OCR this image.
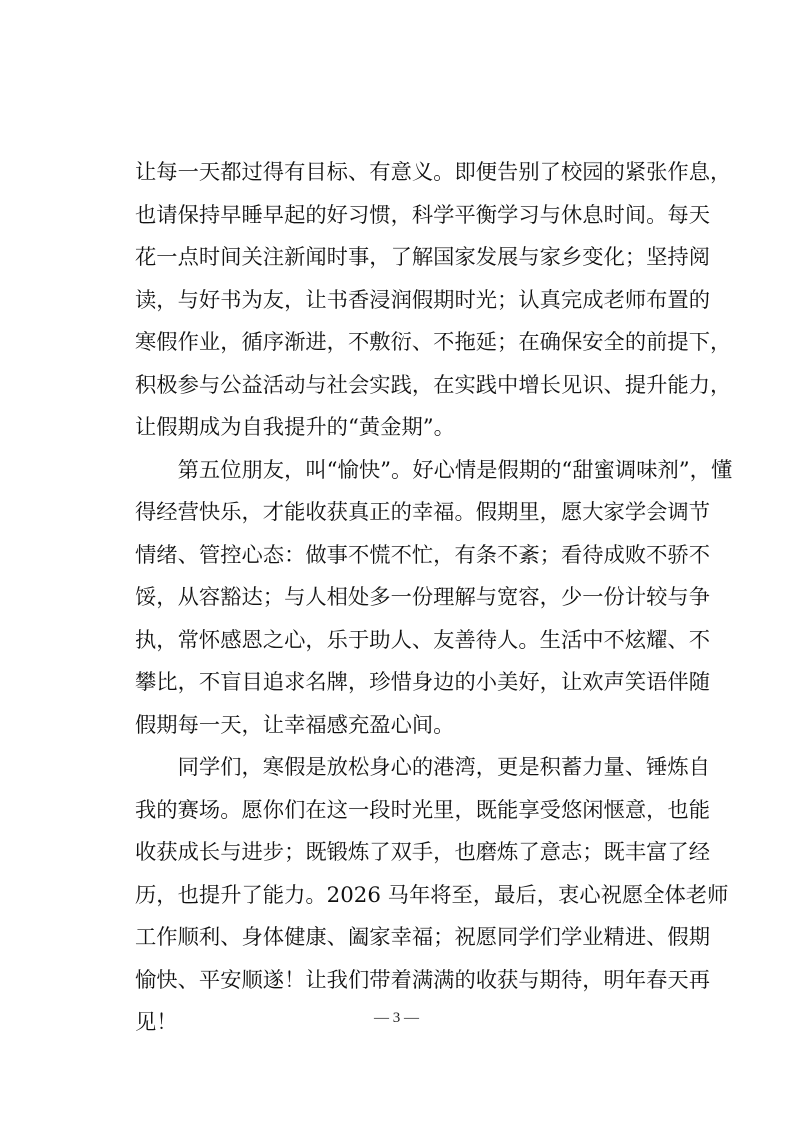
让每一天都过得有目标、有意义。即便告别了校园的紧张作息，
也请保持早睡早起的好习惯，科学平衡学习与休息时间。每天
花一点时间关注新闻时事，了解国家发展与家乡变化；坚持阅
读，与好书为友，让书香浸润假期时光；认真完成老师布置的
寒假作业，循序渐进，不敷衍、不拖延；在确保安全的前提下，
积极参与公益活动与社会实践，在实践中增长见识、提升能力，
让假期成为自我提升的“黄金期”。
　　第五位朋友，叫“愉快”。好心情是假期的“甜蜜调味剂”，懂
得经营快乐，才能收获真正的幸福。假期里，愿大家学会调节
情绪、管控心态：做事不慌不忙，有条不紊；看待成败不骄不
馁，从容豁达；与人相处多一份理解与宽容，少一份计较与争
执，常怀感恩之心，乐于助人、友善待人。生活中不炫耀、不
攀比，不盲目追求名牌，珍惜身边的小美好，让欢声笑语伴随
假期每一天，让幸福感充盈心间。
　　同学们，寒假是放松身心的港湾，更是积蓄力量、锤炼自
我的赛场。愿你们在这一段时光里，既能享受悠闲惬意，也能
收获成长与进步；既锻炼了双手，也磨炼了意志；既丰富了经
历，也提升了能力。2026 马年将至，最后，衷心祝愿全体老师
工作顺利、身体健康、阖家幸福；祝愿同学们学业精进、假期
愉快、平安顺遂！让我们带着满满的收获与期待，明年春天再
见！	— 3 —
